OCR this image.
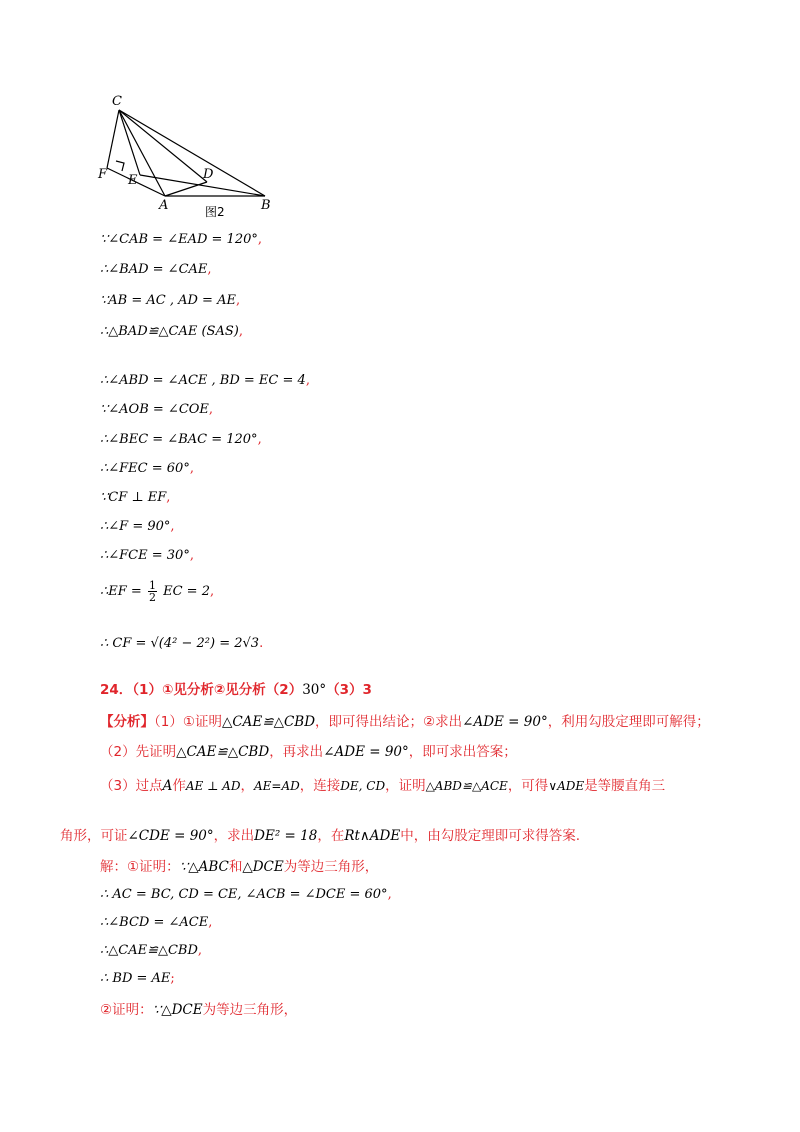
C
F E	D
A	B
图2
∵∠CAB = ∠EAD = 120°,
∴∠BAD = ∠CAE,
∵AB = AC , AD = AE,
∴△BAD≌△CAE (SAS),
∴∠ABD = ∠ACE , BD = EC = 4,
∵∠AOB = ∠COE,
∴∠BEC = ∠BAC = 120°,
∴∠FEC = 60°,
∵CF ⊥ EF,
∴∠F = 90°,
∴∠FCE = 30°,
∴EF = $\frac{1}{2}$ EC = 2,
∴ CF = √(4² − 2²) = 2√3.
24．（1）①见分析②见分析（2）30°（3）3
【分析】（1）①证明△CAE≌△CBD，即可得出结论；②求出∠ADE = 90°，利用勾股定理即可解得；
（2）先证明△CAE≌△CBD，再求出∠ADE = 90°，即可求出答案；
（3）过点A作AE ⊥ AD，AE=AD，连接DE, CD，证明△ABD≌△ACE，可得∨ADE是等腰直角三
角形，可证∠CDE = 90°，求出DE² = 18，在Rt∧ADE中，由勾股定理即可求得答案.
解：①证明：∵△ABC和△DCE为等边三角形，
∴ AC = BC, CD = CE, ∠ACB = ∠DCE = 60°,
∴∠BCD = ∠ACE,
∴△CAE≌△CBD,
∴ BD = AE;
②证明：∵△DCE为等边三角形，
